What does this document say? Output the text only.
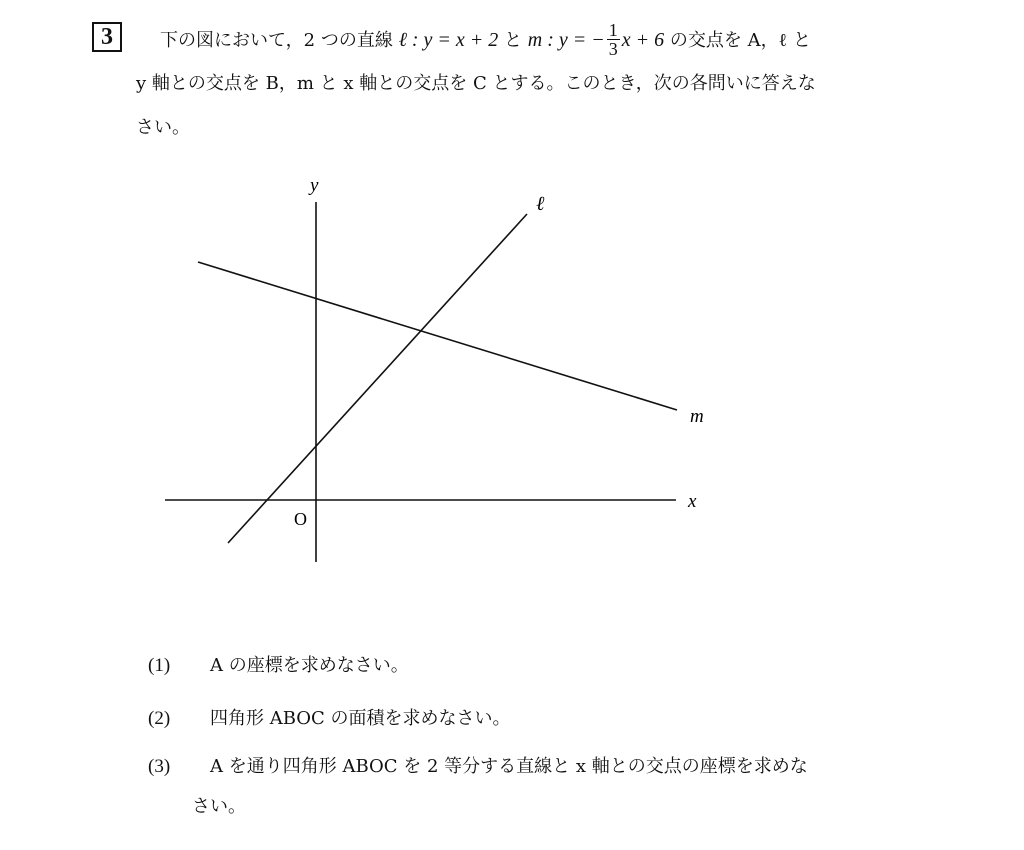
3	下の図において，2 つの直線 ℓ : y = x + 2 と m : y = − $\frac{1}{3}$ x + 6 の交点を A，ℓ と
y 軸との交点を B，m と x 軸との交点を C とする。このとき，次の各問いに答えな
さい。
y
x
ℓ
m
O
(1) A の座標を求めなさい。
(2) 四角形 ABOC の面積を求めなさい。
(3) A を通り四角形 ABOC を 2 等分する直線と x 軸との交点の座標を求めな
さい。
